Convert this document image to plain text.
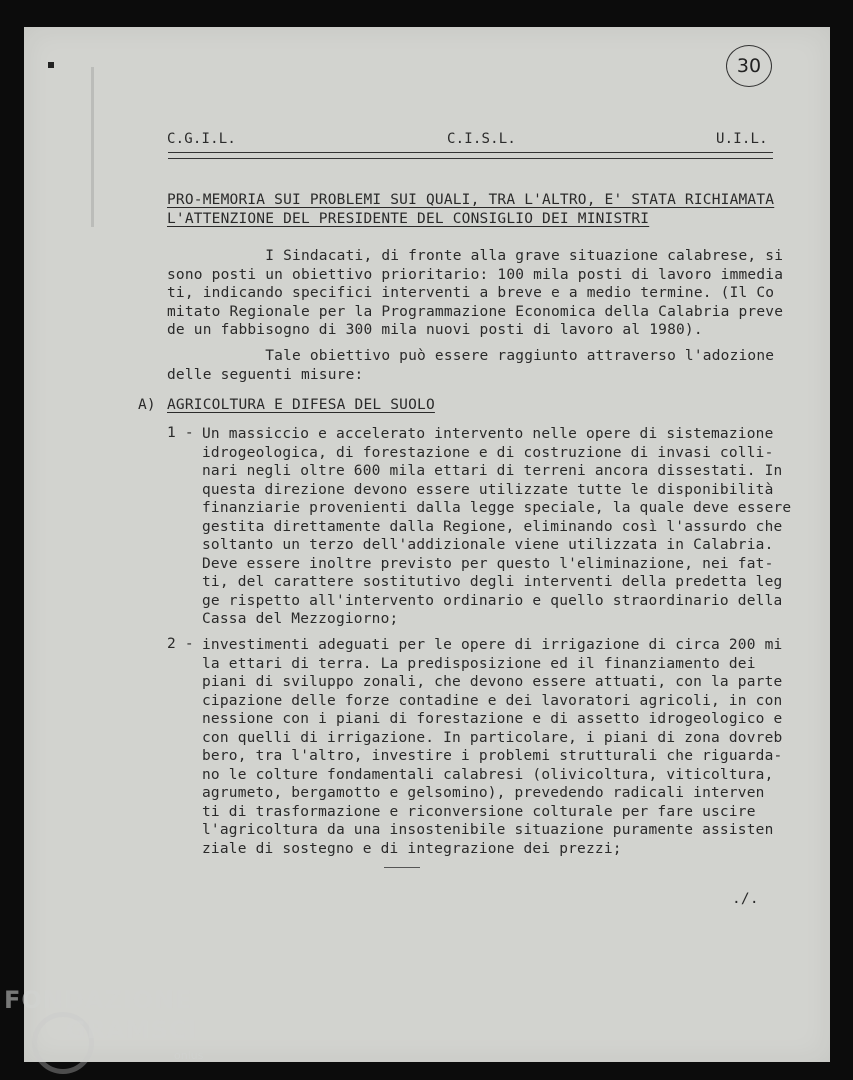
30
C.G.I.L.	C.I.S.L.	U.I.L.
PRO-MEMORIA SUI PROBLEMI SUI QUALI, TRA L'ALTRO, E' STATA RICHIAMATA
L'ATTENZIONE DEL PRESIDENTE DEL CONSIGLIO DEI MINISTRI
I Sindacati, di fronte alla grave situazione calabrese, si
sono posti un obiettivo prioritario: 100 mila posti di lavoro immedia
ti, indicando specifici interventi a breve e a medio termine. (Il Co
mitato Regionale per la Programmazione Economica della Calabria preve
de un fabbisogno di 300 mila nuovi posti di lavoro al 1980).
Tale obiettivo può essere raggiunto attraverso l'adozione
delle seguenti misure:
A) AGRICOLTURA E DIFESA DEL SUOLO
1 - Un massiccio e accelerato intervento nelle opere di sistemazione
idrogeologica, di forestazione e di costruzione di invasi colli-
nari negli oltre 600 mila ettari di terreni ancora dissestati. In
questa direzione devono essere utilizzate tutte le disponibilità
finanziarie provenienti dalla legge speciale, la quale deve essere
gestita direttamente dalla Regione, eliminando così l'assurdo che
soltanto un terzo dell'addizionale viene utilizzata in Calabria.
Deve essere inoltre previsto per questo l'eliminazione, nei fat-
ti, del carattere sostitutivo degli interventi della predetta leg
ge rispetto all'intervento ordinario e quello straordinario della
Cassa del Mezzogiorno;
2 - investimenti adeguati per le opere di irrigazione di circa 200 mi
la ettari di terra. La predisposizione ed il finanziamento dei
piani di sviluppo zonali, che devono essere attuati, con la parte
cipazione delle forze contadine e dei lavoratori agricoli, in con
nessione con i piani di forestazione e di assetto idrogeologico e
con quelli di irrigazione. In particolare, i piani di zona dovreb
bero, tra l'altro, investire i problemi strutturali che riguarda-
no le colture fondamentali calabresi (olivicoltura, viticoltura,
agrumeto, bergamotto e gelsomino), prevedendo radicali interven
ti di trasformazione e riconversione colturale per fare uscire
l'agricoltura da una insostenibile situazione puramente assisten
ziale di sostegno e di integrazione dei prezzi;
./.
FONDAZIONE
GRAMSCI
onlus
